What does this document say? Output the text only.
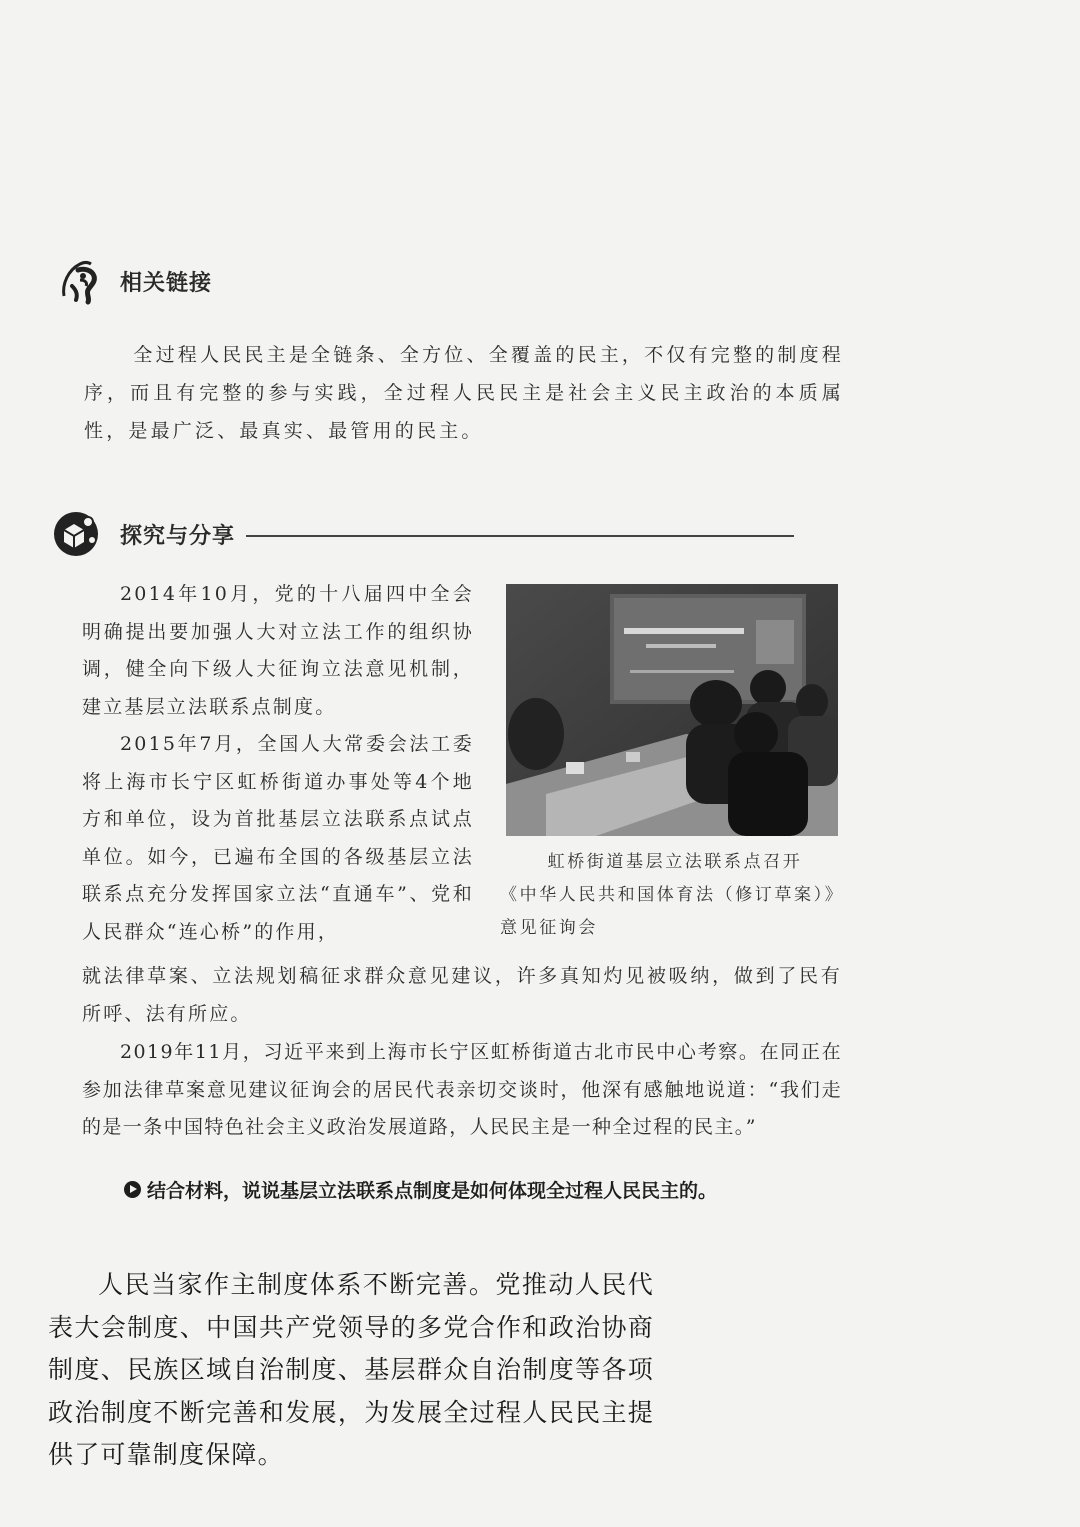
相关链接

全过程人民民主是全链条、全方位、全覆盖的民主，不仅有完整的制度程序，而且有完整的参与实践，全过程人民民主是社会主义民主政治的本质属性，是最广泛、最真实、最管用的民主。

探究与分享

2014年10月，党的十八届四中全会明确提出要加强人大对立法工作的组织协调，健全向下级人大征询立法意见机制，建立基层立法联系点制度。

2015年7月，全国人大常委会法工委将上海市长宁区虹桥街道办事处等4个地方和单位，设为首批基层立法联系点试点单位。如今，已遍布全国的各级基层立法联系点充分发挥国家立法“直通车”、党和人民群众“连心桥”的作用，

虹桥街道基层立法联系点召开《中华人民共和国体育法（修订草案）》意见征询会

就法律草案、立法规划稿征求群众意见建议，许多真知灼见被吸纳，做到了民有所呼、法有所应。

2019年11月，习近平来到上海市长宁区虹桥街道古北市民中心考察。在同正在参加法律草案意见建议征询会的居民代表亲切交谈时，他深有感触地说道：“我们走的是一条中国特色社会主义政治发展道路，人民民主是一种全过程的民主。”

结合材料，说说基层立法联系点制度是如何体现全过程人民民主的。

人民当家作主制度体系不断完善。党推动人民代表大会制度、中国共产党领导的多党合作和政治协商制度、民族区域自治制度、基层群众自治制度等各项政治制度不断完善和发展，为发展全过程人民民主提供了可靠制度保障。
